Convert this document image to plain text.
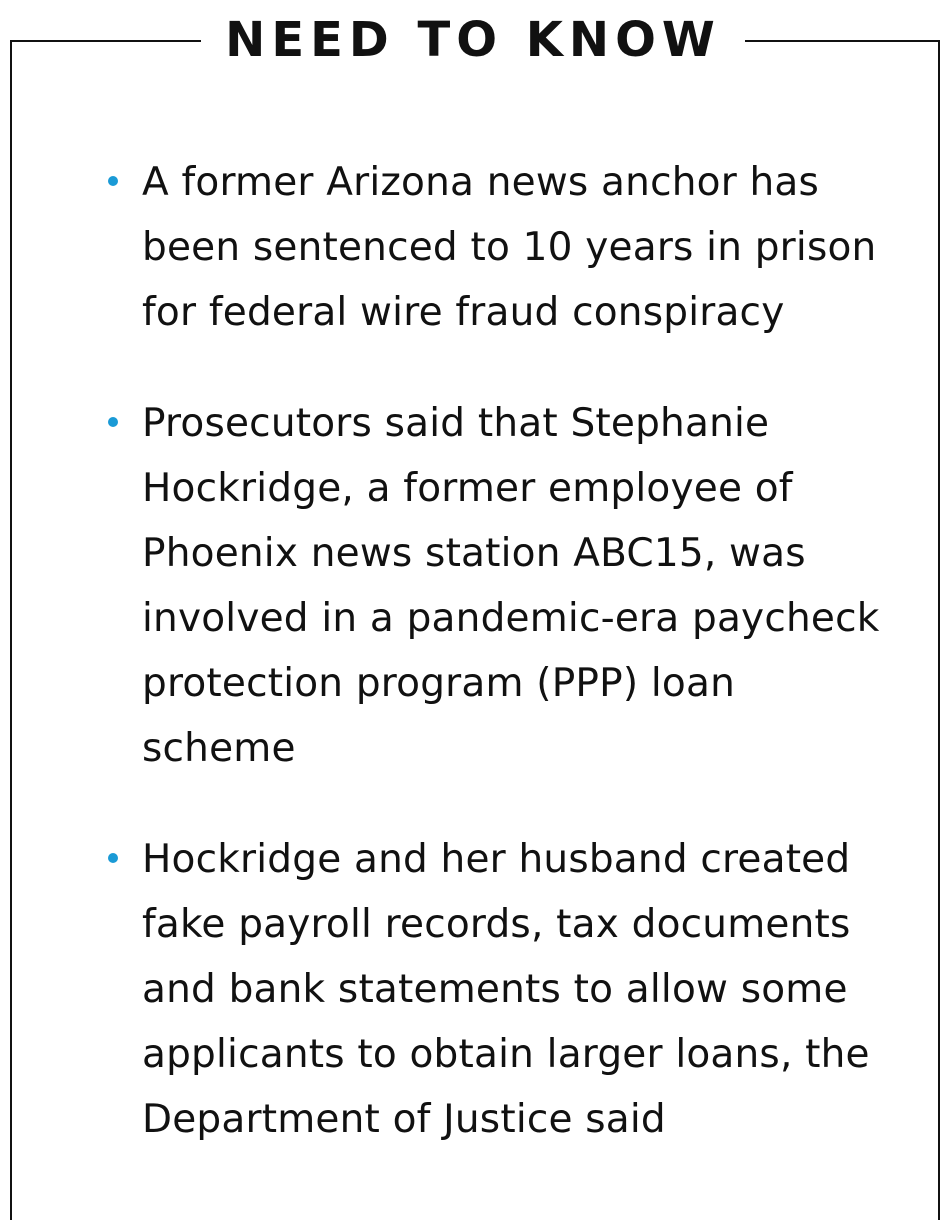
NEED TO KNOW
A former Arizona news anchor has been sentenced to 10 years in prison for federal wire fraud conspiracy
Prosecutors said that Stephanie Hockridge, a former employee of Phoenix news station ABC15, was involved in a pandemic-era paycheck protection program (PPP) loan scheme
Hockridge and her husband created fake payroll records, tax documents and bank statements to allow some applicants to obtain larger loans, the Department of Justice said
